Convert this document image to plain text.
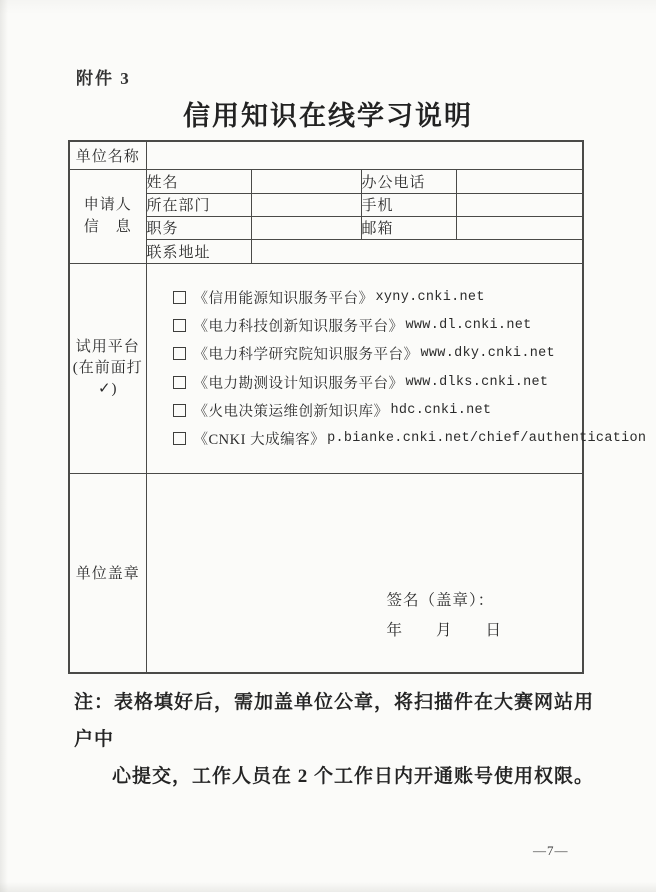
附件 3
信用知识在线学习说明
单位名称				

申请人
信　息	姓名		办公电话	
	所在部门		手机	
	职务		邮箱	
	联系地址			

试用平台
(在前面打
✓)

《信用能源知识服务平台》 xyny.cnki.net
《电力科技创新知识服务平台》 www.dl.cnki.net
《电力科学研究院知识服务平台》 www.dky.cnki.net
《电力勘测设计知识服务平台》 www.dlks.cnki.net
《火电决策运维创新知识库》 hdc.cnki.net
《CNKI 大成编客》 p.bianke.cnki.net/chief/authentication

单位盖章	签名（盖章）：
年　　月　　日			
注：表格填好后，需加盖单位公章，将扫描件在大赛网站用户中
心提交，工作人员在 2 个工作日内开通账号使用权限。
—7—
